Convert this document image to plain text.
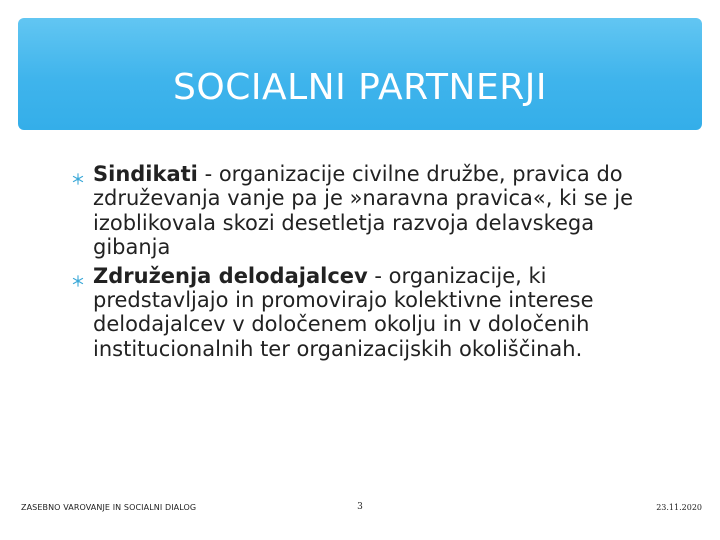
SOCIALNI PARTNERJI
Sindikati - organizacije civilne družbe, pravica do združevanja vanje pa je »naravna pravica«, ki se je izoblikovala skozi desetletja razvoja delavskega gibanja
Združenja delodajalcev - organizacije, ki predstavljajo in promovirajo kolektivne interese delodajalcev v določenem okolju in v določenih institucionalnih ter organizacijskih okoliščinah.
ZASEBNO VAROVANJE IN SOCIALNI DIALOG	3	23.11.2020
